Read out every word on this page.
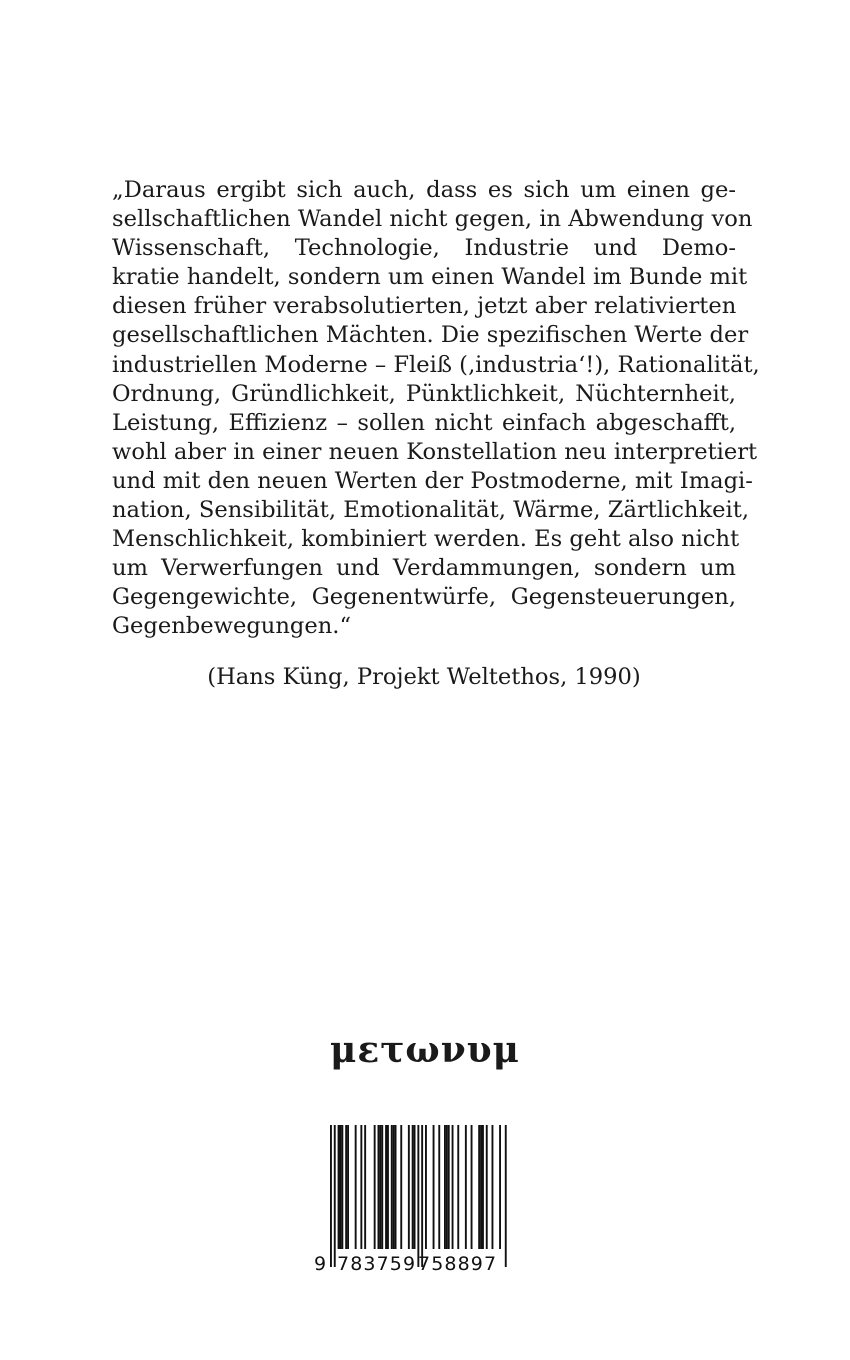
„Daraus ergibt sich auch, dass es sich um einen ge-
sellschaftlichen Wandel nicht gegen, in Abwendung von
Wissenschaft, Technologie, Industrie und Demo-
kratie handelt, sondern um einen Wandel im Bunde mit
diesen früher verabsolutierten, jetzt aber relativierten
gesellschaftlichen Mächten. Die spezifischen Werte der
industriellen Moderne – Fleiß (‚industria‘!), Rationalität,
Ordnung, Gründlichkeit, Pünktlichkeit, Nüchternheit,
Leistung, Effizienz – sollen nicht einfach abgeschafft,
wohl aber in einer neuen Konstellation neu interpretiert
und mit den neuen Werten der Postmoderne, mit Imagi-
nation, Sensibilität, Emotionalität, Wärme, Zärtlichkeit,
Menschlichkeit, kombiniert werden. Es geht also nicht
um Verwerfungen und Verdammungen, sondern um
Gegengewichte, Gegenentwürfe, Gegensteuerungen,
Gegenbewegungen.“
(Hans Küng, Projekt Weltethos, 1990)
μετωνυμ
9 783759 758897
